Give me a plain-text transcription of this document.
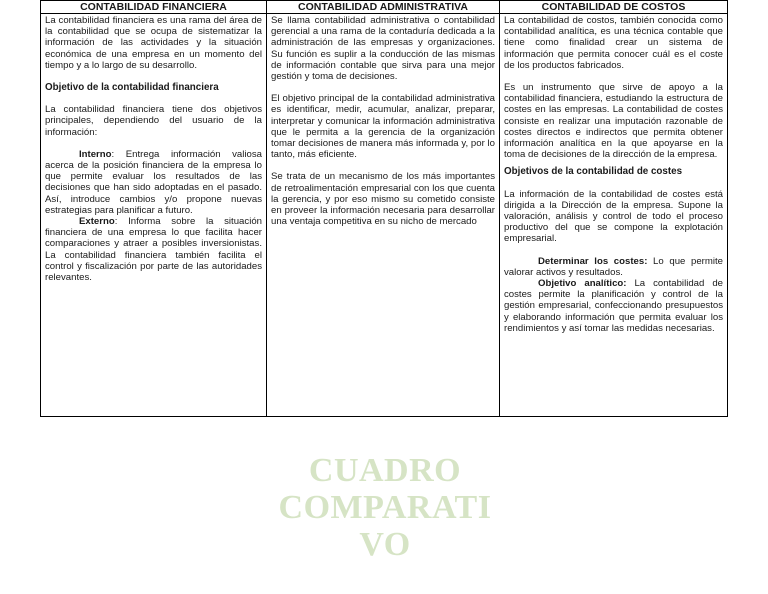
CONTABILIDAD FINANCIERA	CONTABILIDAD ADMINISTRATIVA	CONTABILIDAD DE COSTOS

La contabilidad financiera es una rama del área de la contabilidad que se ocupa de sistematizar la información de las actividades y la situación económica de una empresa en un momento del tiempo y a lo largo de su desarrollo.

Objetivo de la contabilidad financiera

La contabilidad financiera tiene dos objetivos principales, dependiendo del usuario de la información:

Interno: Entrega información valiosa acerca de la posición financiera de la empresa lo que permite evaluar los resultados de las decisiones que han sido adoptadas en el pasado. Así, introduce cambios y/o propone nuevas estrategias para planificar a futuro.

Externo: Informa sobre la situación financiera de una empresa lo que facilita hacer comparaciones y atraer a posibles inversionistas. La contabilidad financiera también facilita el control y fiscalización por parte de las autoridades relevantes.

Se llama contabilidad administrativa o contabilidad gerencial a una rama de la contaduría dedicada a la administración de las empresas y organizaciones. Su función es suplir a la conducción de las mismas de información contable que sirva para una mejor gestión y toma de decisiones.

El objetivo principal de la contabilidad administrativa es identificar, medir, acumular, analizar, preparar, interpretar y comunicar la información administrativa que le permita a la gerencia de la organización tomar decisiones de manera más informada y, por lo tanto, más eficiente.

Se trata de un mecanismo de los más importantes de retroalimentación empresarial con los que cuenta la gerencia, y por eso mismo su cometido consiste en proveer la información necesaria para desarrollar una ventaja competitiva en su nicho de mercado

La contabilidad de costos, también conocida como contabilidad analítica, es una técnica contable que tiene como finalidad crear un sistema de información que permita conocer cuál es el coste de los productos fabricados.

Es un instrumento que sirve de apoyo a la contabilidad financiera, estudiando la estructura de costes en las empresas. La contabilidad de costes consiste en realizar una imputación razonable de costes directos e indirectos que permita obtener información analítica en la que apoyarse en la toma de decisiones de la dirección de la empresa.

Objetivos de la contabilidad de costes

La información de la contabilidad de costes está dirigida a la Dirección de la empresa. Supone la valoración, análisis y control de todo el proceso productivo del que se compone la explotación empresarial.

Determinar los costes: Lo que permite valorar activos y resultados.

Objetivo analítico: La contabilidad de costes permite la planificación y control de la gestión empresarial, confeccionando presupuestos y elaborando información que permita evaluar los rendimientos y así tomar las medidas necesarias.

CUADRO
COMPARATI
VO
